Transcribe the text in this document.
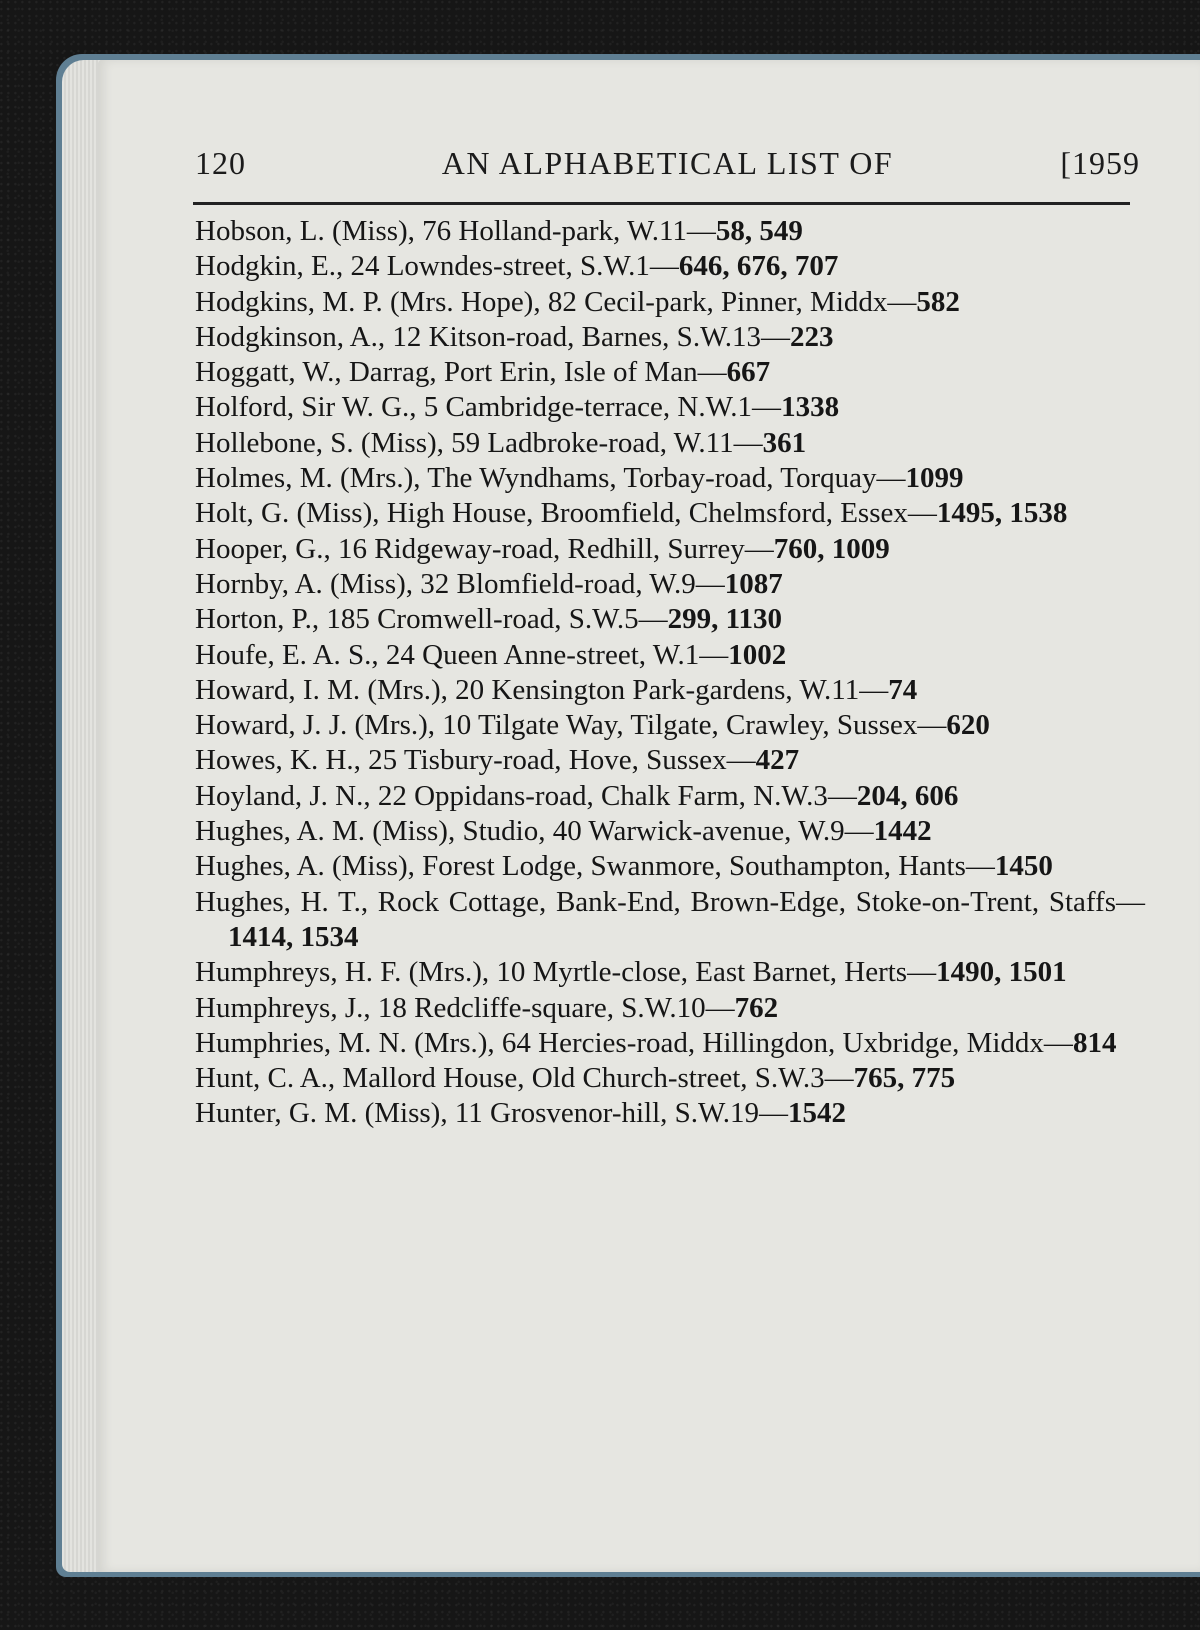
120	AN ALPHABETICAL LIST OF	[1959
Hobson, L. (Miss), 76 Holland-park, W.11—58, 549
Hodgkin, E., 24 Lowndes-street, S.W.1—646, 676, 707
Hodgkins, M. P. (Mrs. Hope), 82 Cecil-park, Pinner, Middx—582
Hodgkinson, A., 12 Kitson-road, Barnes, S.W.13—223
Hoggatt, W., Darrag, Port Erin, Isle of Man—667
Holford, Sir W. G., 5 Cambridge-terrace, N.W.1—1338
Hollebone, S. (Miss), 59 Ladbroke-road, W.11—361
Holmes, M. (Mrs.), The Wyndhams, Torbay-road, Torquay—1099
Holt, G. (Miss), High House, Broomfield, Chelmsford, Essex—1495, 1538
Hooper, G., 16 Ridgeway-road, Redhill, Surrey—760, 1009
Hornby, A. (Miss), 32 Blomfield-road, W.9—1087
Horton, P., 185 Cromwell-road, S.W.5—299, 1130
Houfe, E. A. S., 24 Queen Anne-street, W.1—1002
Howard, I. M. (Mrs.), 20 Kensington Park-gardens, W.11—74
Howard, J. J. (Mrs.), 10 Tilgate Way, Tilgate, Crawley, Sussex—620
Howes, K. H., 25 Tisbury-road, Hove, Sussex—427
Hoyland, J. N., 22 Oppidans-road, Chalk Farm, N.W.3—204, 606
Hughes, A. M. (Miss), Studio, 40 Warwick-avenue, W.9—1442
Hughes, A. (Miss), Forest Lodge, Swanmore, Southampton, Hants—1450
Hughes, H. T., Rock Cottage, Bank-End, Brown-Edge, Stoke-on-Trent, Staffs—1414, 1534
Humphreys, H. F. (Mrs.), 10 Myrtle-close, East Barnet, Herts—1490, 1501
Humphreys, J., 18 Redcliffe-square, S.W.10—762
Humphries, M. N. (Mrs.), 64 Hercies-road, Hillingdon, Uxbridge, Middx—814
Hunt, C. A., Mallord House, Old Church-street, S.W.3—765, 775
Hunter, G. M. (Miss), 11 Grosvenor-hill, S.W.19—1542
